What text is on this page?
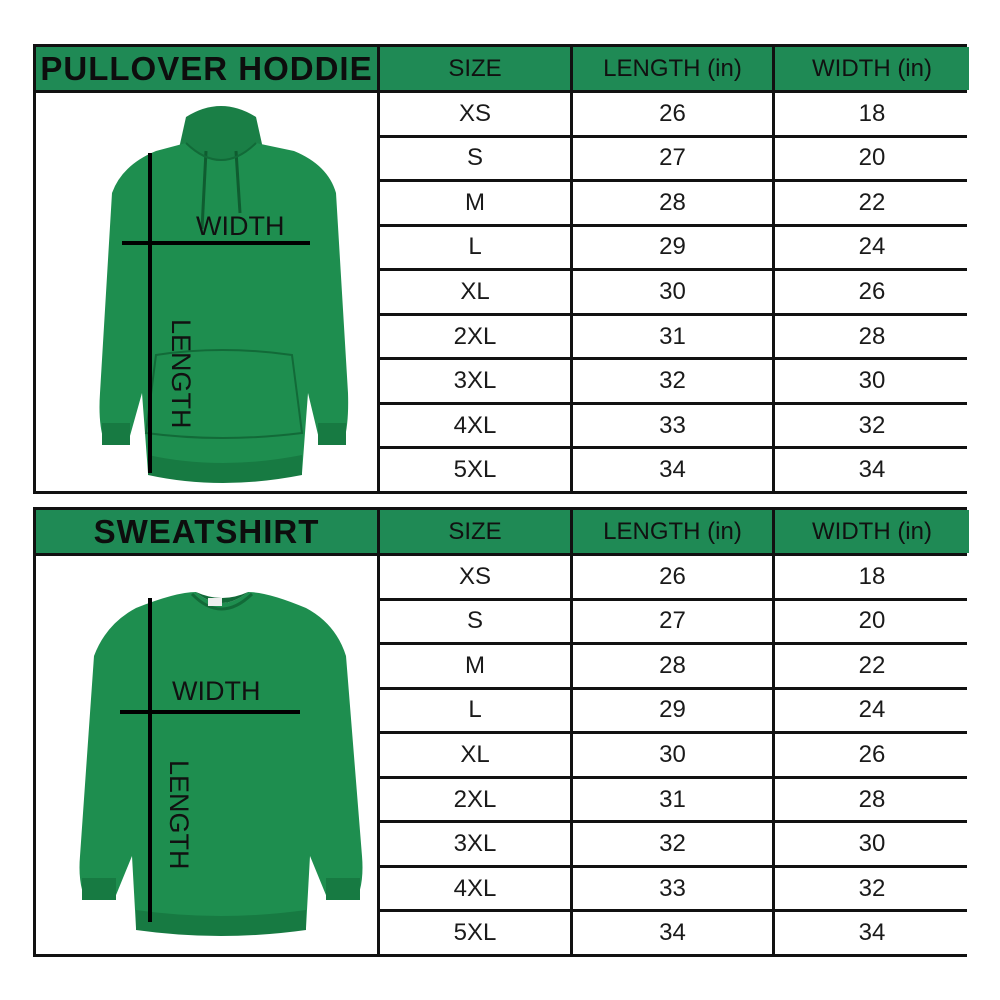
PULLOVER HODDIE	SIZE	LENGTH (in)	WIDTH (in)
WIDTH
LENGTH
XS	26	18
S	27	20
M	28	22
L	29	24
XL	30	26
2XL	31	28
3XL	32	30
4XL	33	32
5XL	34	34
SWEATSHIRT	SIZE	LENGTH (in)	WIDTH (in)
WIDTH
LENGTH
XS	26	18
S	27	20
M	28	22
L	29	24
XL	30	26
2XL	31	28
3XL	32	30
4XL	33	32
5XL	34	34
